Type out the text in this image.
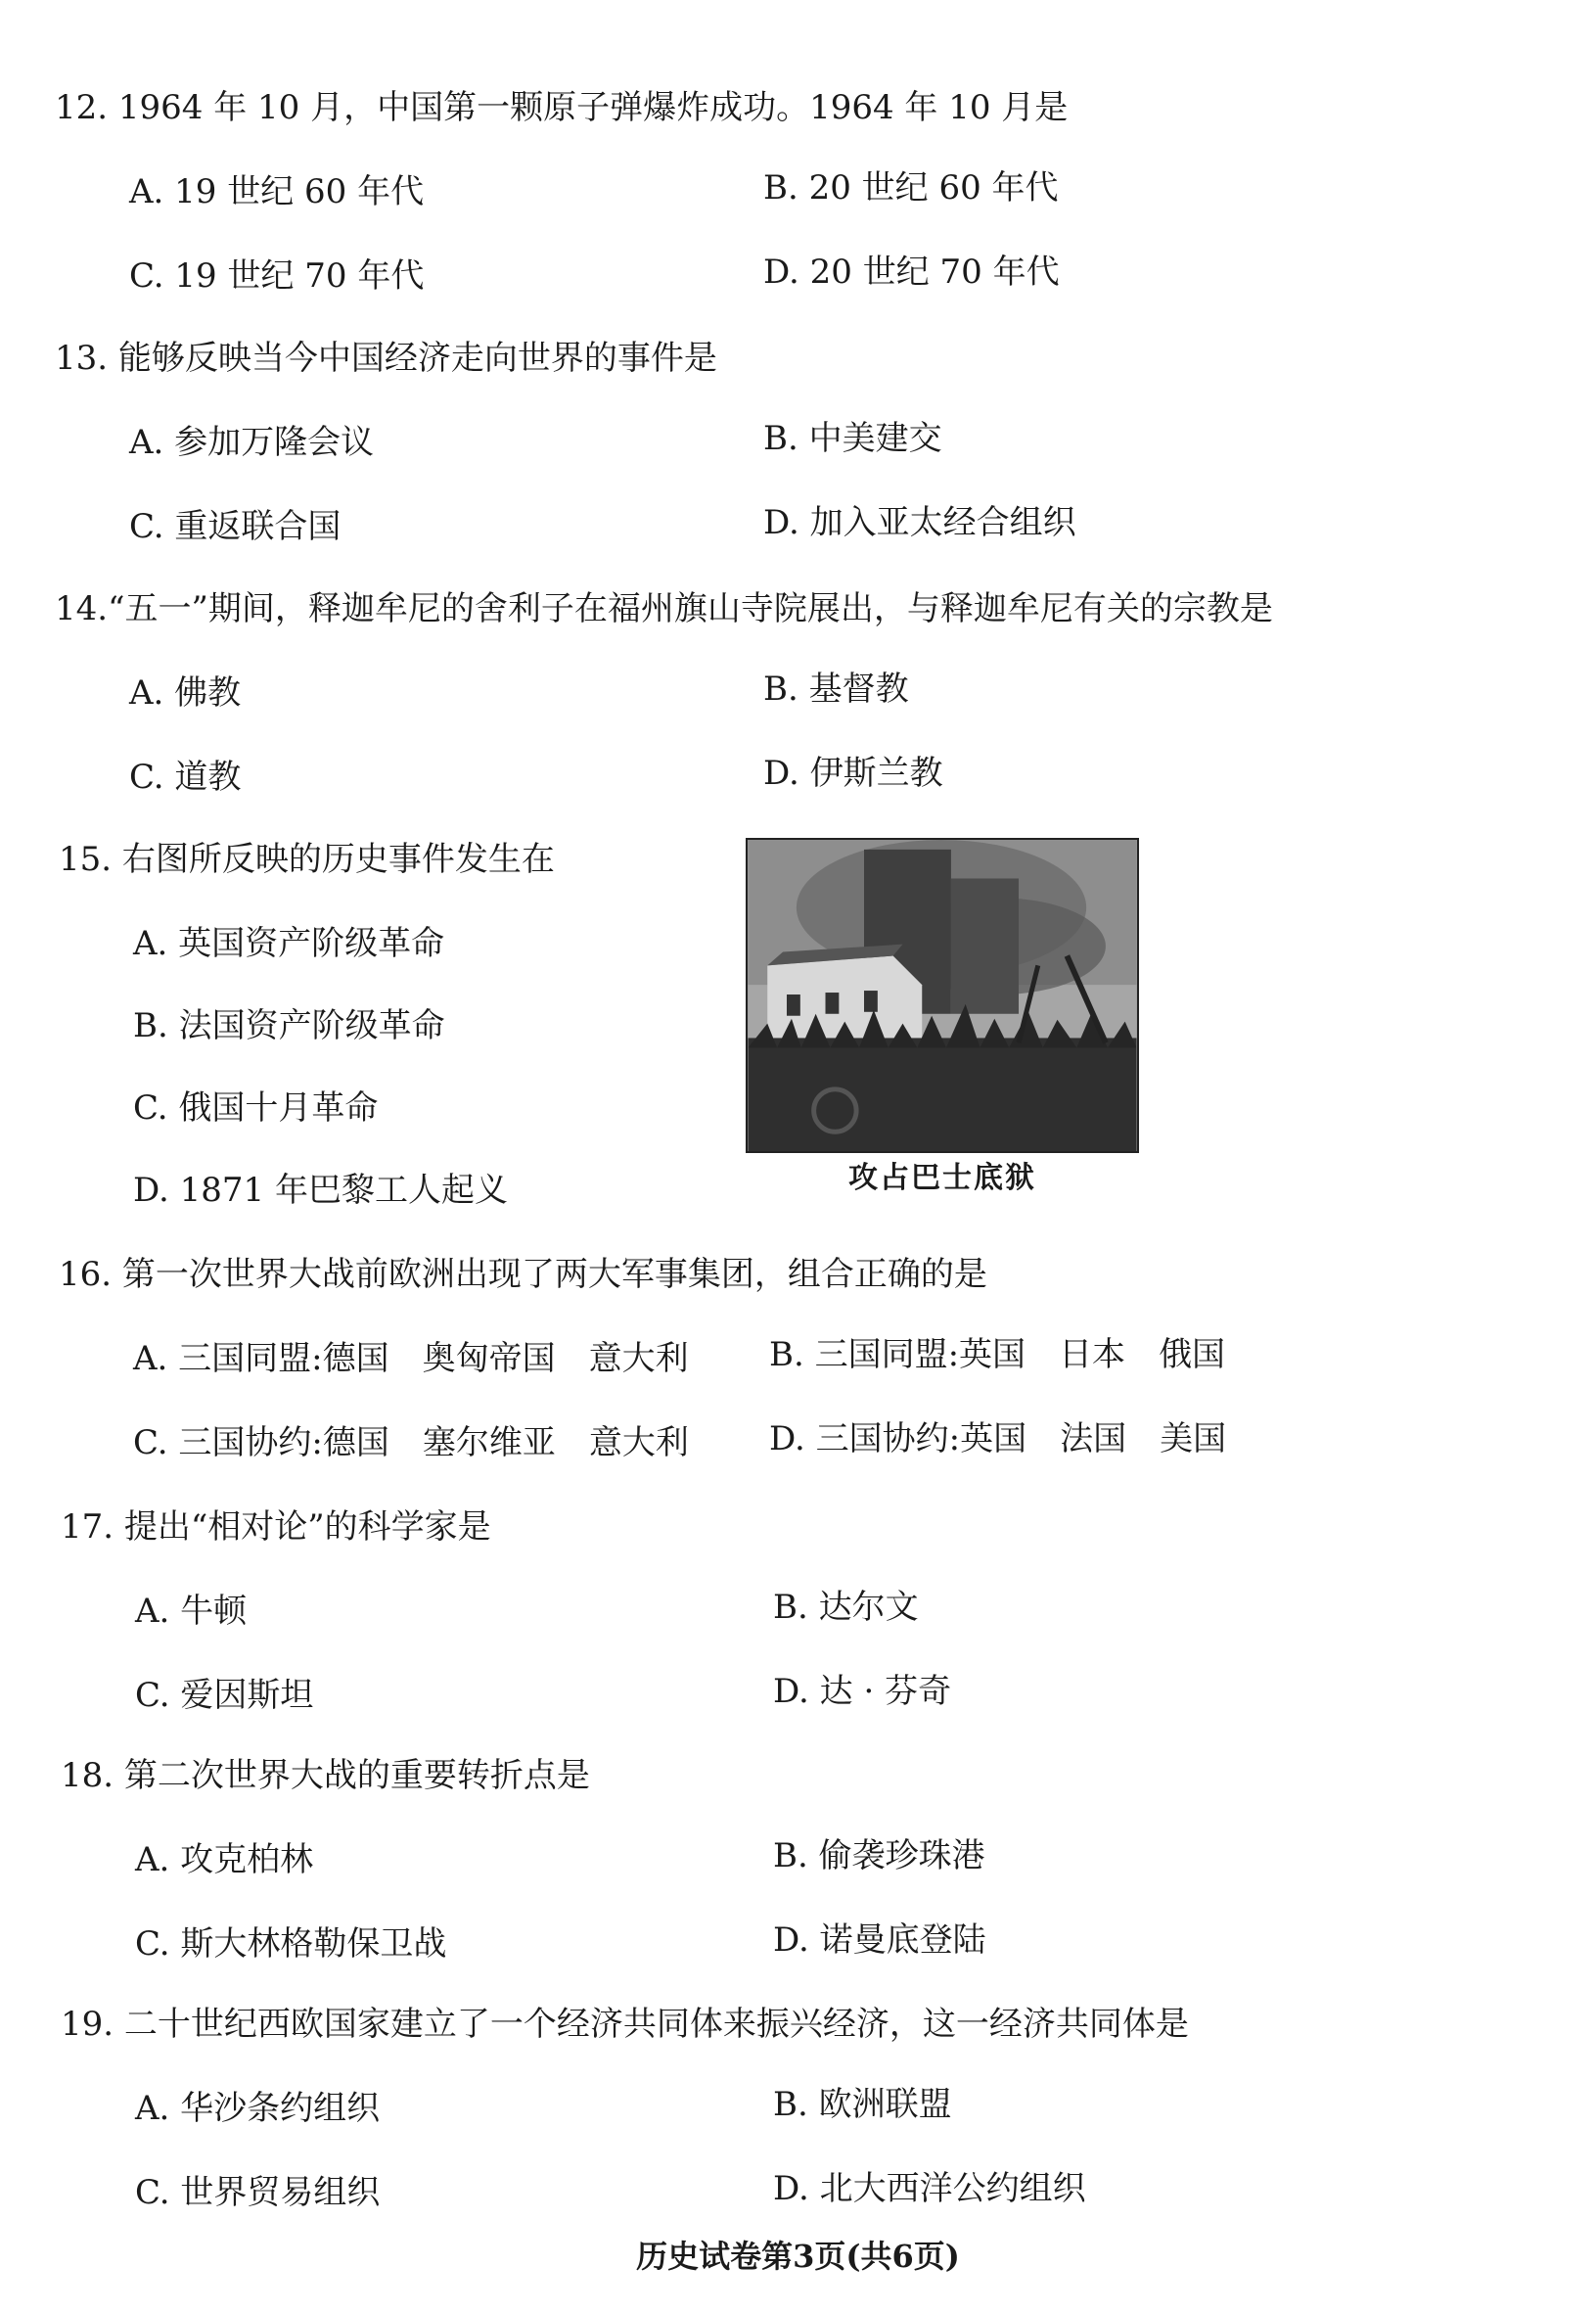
12. 1964 年 10 月，中国第一颗原子弹爆炸成功。1964 年 10 月是
A. 19 世纪 60 年代	B. 20 世纪 60 年代
C. 19 世纪 70 年代	D. 20 世纪 70 年代
13. 能够反映当今中国经济走向世界的事件是
A. 参加万隆会议	B. 中美建交
C. 重返联合国	D. 加入亚太经合组织
14.“五一”期间，释迦牟尼的舍利子在福州旗山寺院展出，与释迦牟尼有关的宗教是
A. 佛教	B. 基督教
C. 道教	D. 伊斯兰教
15. 右图所反映的历史事件发生在
A. 英国资产阶级革命
B. 法国资产阶级革命
C. 俄国十月革命
D. 1871 年巴黎工人起义	攻占巴士底狱
16. 第一次世界大战前欧洲出现了两大军事集团，组合正确的是
A. 三国同盟:德国 奥匈帝国 意大利 B. 三国同盟:英国 日本 俄国
C. 三国协约:德国 塞尔维亚 意大利 D. 三国协约:英国 法国 美国
17. 提出“相对论”的科学家是
A. 牛顿	B. 达尔文
C. 爱因斯坦	D. 达 · 芬奇
18. 第二次世界大战的重要转折点是
A. 攻克柏林	B. 偷袭珍珠港
C. 斯大林格勒保卫战	D. 诺曼底登陆
19. 二十世纪西欧国家建立了一个经济共同体来振兴经济，这一经济共同体是
A. 华沙条约组织	B. 欧洲联盟
C. 世界贸易组织	D. 北大西洋公约组织
历史试卷第3页(共6页)
